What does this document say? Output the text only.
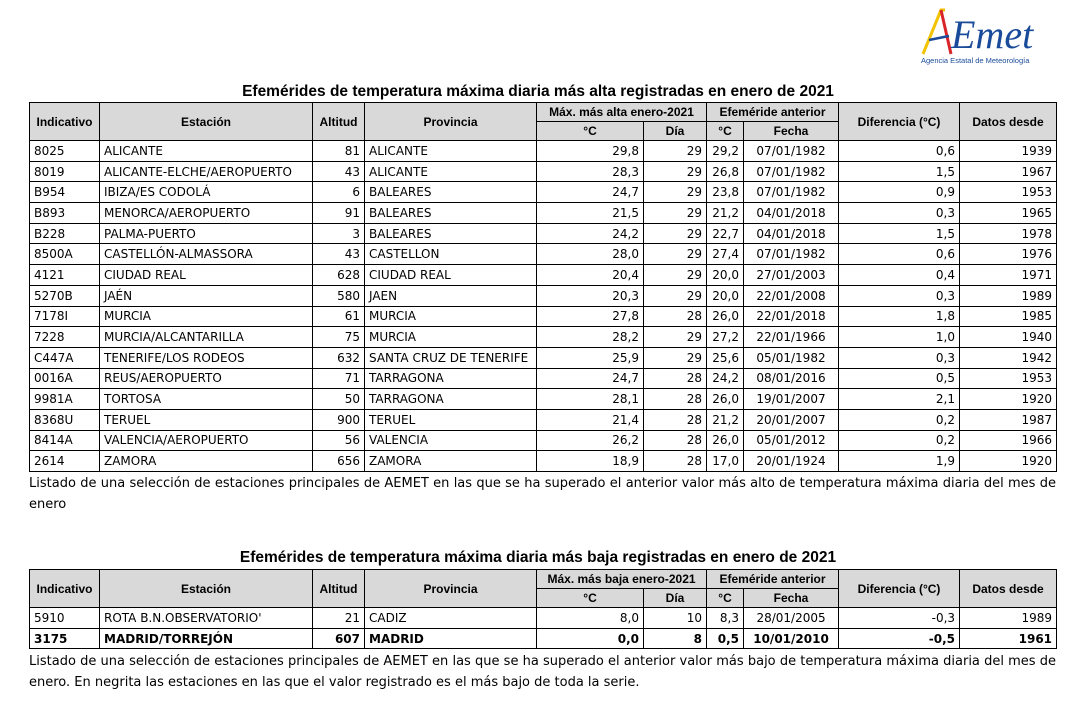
Emet
Agencia Estatal de Meteorología
Efemérides de temperatura máxima diaria más alta registradas en enero de 2021
Indicativo	Estación	Altitud	Provincia	Máx. más alta enero-2021		Efeméride anterior		Diferencia (°C)	Datos desde
				°C	Día	°C	Fecha		
8025	ALICANTE	81	ALICANTE	29,8	29	29,2	07/01/1982	0,6	1939
8019	ALICANTE-ELCHE/AEROPUERTO	43	ALICANTE	28,3	29	26,8	07/01/1982	1,5	1967
B954	IBIZA/ES CODOLÁ	6	BALEARES	24,7	29	23,8	07/01/1982	0,9	1953
B893	MENORCA/AEROPUERTO	91	BALEARES	21,5	29	21,2	04/01/2018	0,3	1965
B228	PALMA-PUERTO	3	BALEARES	24,2	29	22,7	04/01/2018	1,5	1978
8500A	CASTELLÓN-ALMASSORA	43	CASTELLON	28,0	29	27,4	07/01/1982	0,6	1976
4121	CIUDAD REAL	628	CIUDAD REAL	20,4	29	20,0	27/01/2003	0,4	1971
5270B	JAÉN	580	JAEN	20,3	29	20,0	22/01/2008	0,3	1989
7178I	MURCIA	61	MURCIA	27,8	28	26,0	22/01/2018	1,8	1985
7228	MURCIA/ALCANTARILLA	75	MURCIA	28,2	29	27,2	22/01/1966	1,0	1940
C447A	TENERIFE/LOS RODEOS	632	SANTA CRUZ DE TENERIFE	25,9	29	25,6	05/01/1982	0,3	1942
0016A	REUS/AEROPUERTO	71	TARRAGONA	24,7	28	24,2	08/01/2016	0,5	1953
9981A	TORTOSA	50	TARRAGONA	28,1	28	26,0	19/01/2007	2,1	1920
8368U	TERUEL	900	TERUEL	21,4	28	21,2	20/01/2007	0,2	1987
8414A	VALENCIA/AEROPUERTO	56	VALENCIA	26,2	28	26,0	05/01/2012	0,2	1966
2614	ZAMORA	656	ZAMORA	18,9	28	17,0	20/01/1924	1,9	1920
Listado de una selección de estaciones principales de AEMET en las que se ha superado el anterior valor más alto de temperatura máxima diaria del mes de enero
Efemérides de temperatura máxima diaria más baja registradas en enero de 2021
Indicativo	Estación	Altitud	Provincia	Máx. más baja enero-2021		Efeméride anterior		Diferencia (°C)	Datos desde
				°C	Día	°C	Fecha		
5910	ROTA B.N.OBSERVATORIO'	21	CADIZ	8,0	10	8,3	28/01/2005	-0,3	1989
3175	MADRID/TORREJÓN	607	MADRID	0,0	8	0,5	10/01/2010	-0,5	1961
Listado de una selección de estaciones principales de AEMET en las que se ha superado el anterior valor más bajo de temperatura máxima diaria del mes de enero. En negrita las estaciones en las que el valor registrado es el más bajo de toda la serie.
